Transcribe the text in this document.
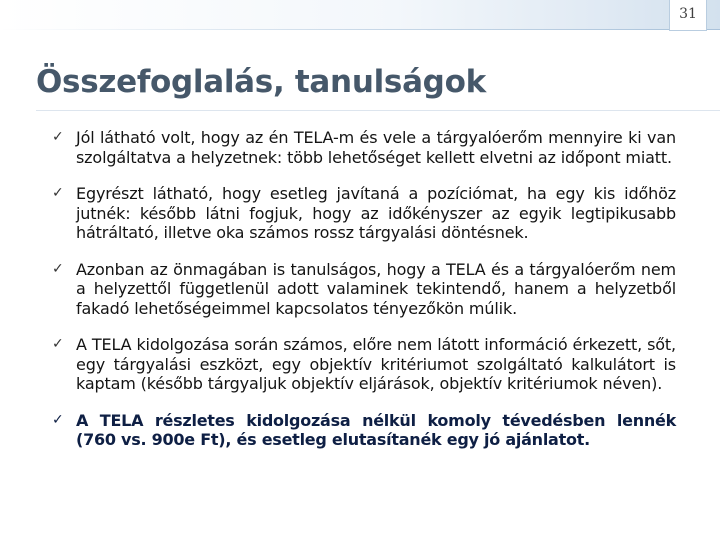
31
Összefoglalás, tanulságok
✓ Jól látható volt, hogy az én TELA-m és vele a tárgyalóerőm mennyire ki van szolgáltatva a helyzetnek: több lehetőséget kellett elvetni az időpont miatt.
✓ Egyrészt látható, hogy esetleg javítaná a pozíciómat, ha egy kis időhöz jutnék: később látni fogjuk, hogy az időkényszer az egyik legtipikusabb hátráltató, illetve oka számos rossz tárgyalási döntésnek.
✓ Azonban az önmagában is tanulságos, hogy a TELA és a tárgyalóerőm nem a helyzettől függetlenül adott valaminek tekintendő, hanem a helyzetből fakadó lehetőségeimmel kapcsolatos tényezőkön múlik.
✓ A TELA kidolgozása során számos, előre nem látott információ érkezett, sőt, egy tárgyalási eszközt, egy objektív kritériumot szolgáltató kalkulátort is kaptam (később tárgyaljuk objektív eljárások, objektív kritériumok néven).
✓ A TELA részletes kidolgozása nélkül komoly tévedésben lennék (760 vs. 900e Ft), és esetleg elutasítanék egy jó ajánlatot.
